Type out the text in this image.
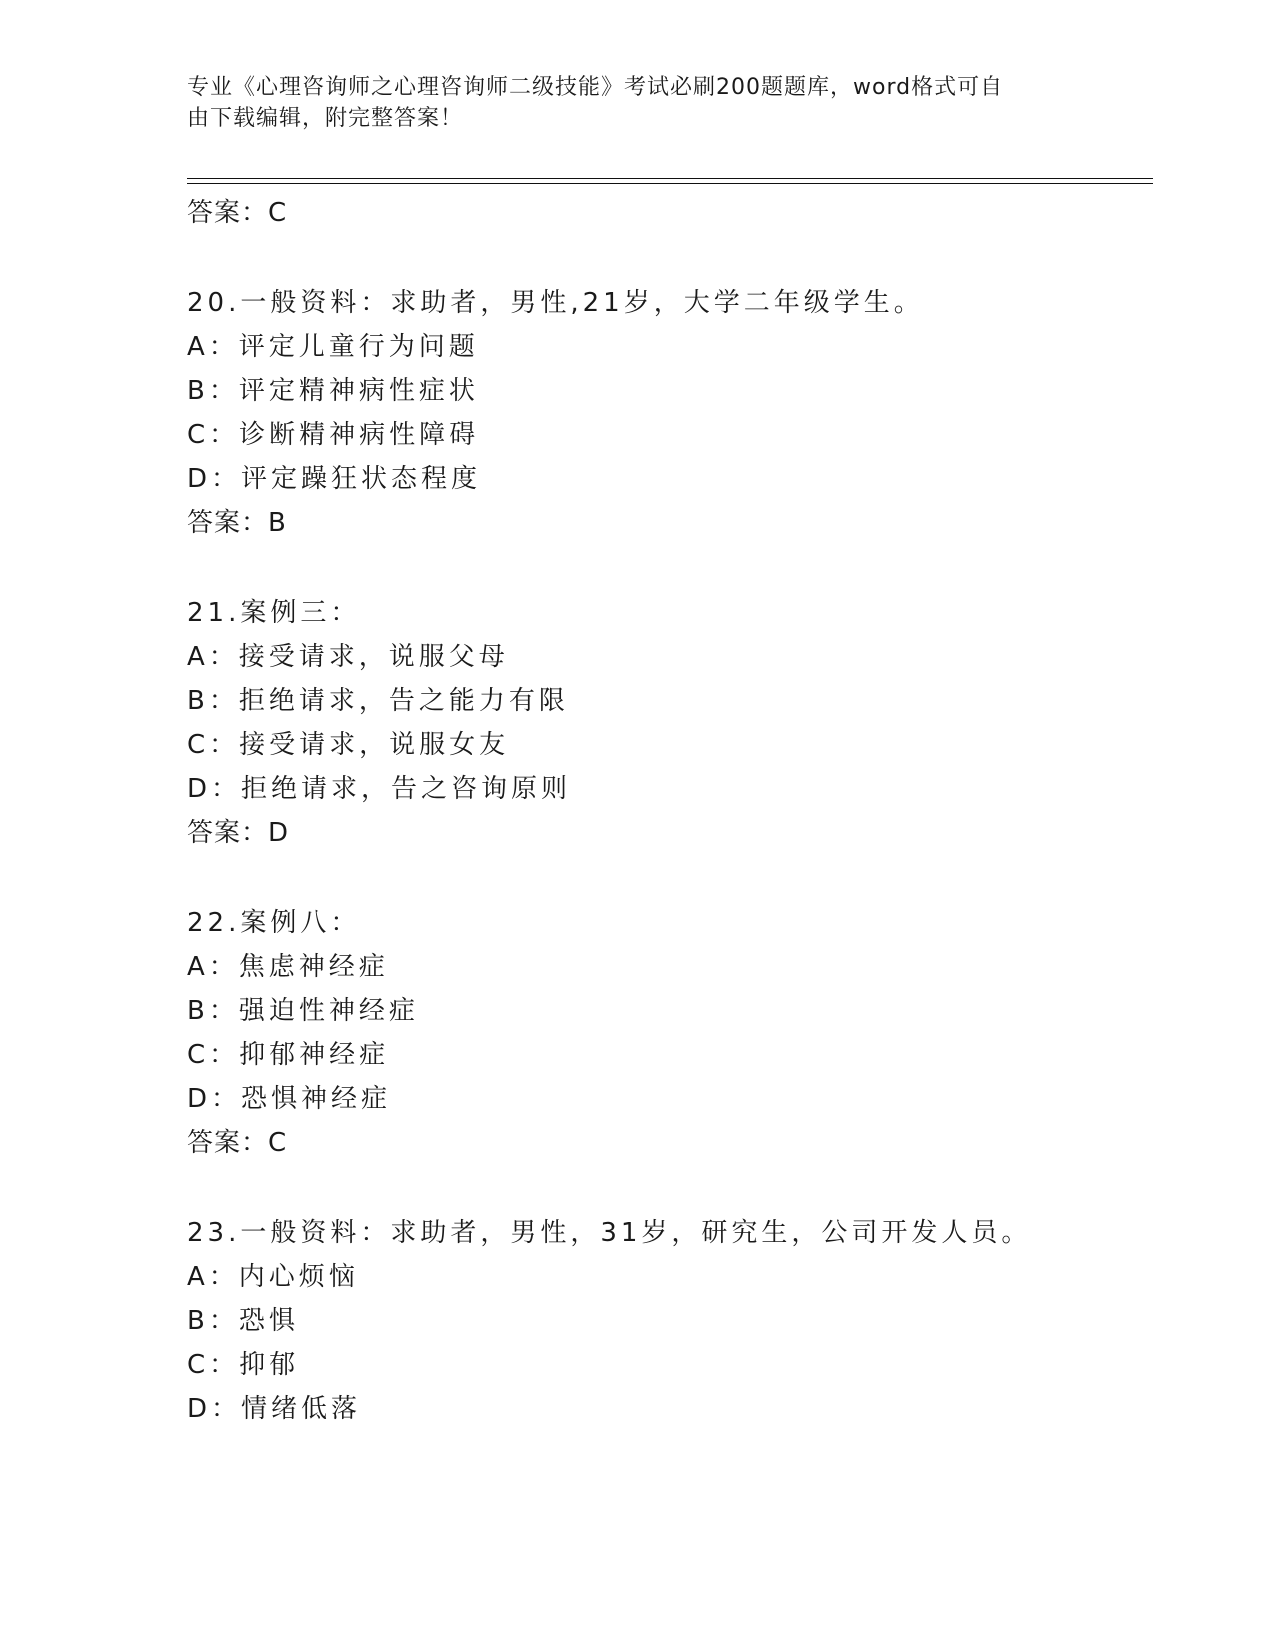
专业《心理咨询师之心理咨询师二级技能》考试必刷200题题库，word格式可自
由下载编辑，附完整答案！
答案：C
20.一般资料：求助者，男性,21岁，大学二年级学生。
A：评定儿童行为问题
B：评定精神病性症状
C：诊断精神病性障碍
D：评定躁狂状态程度
答案：B
21.案例三：
A：接受请求，说服父母
B：拒绝请求，告之能力有限
C：接受请求，说服女友
D：拒绝请求，告之咨询原则
答案：D
22.案例八：
A：焦虑神经症
B：强迫性神经症
C：抑郁神经症
D：恐惧神经症
答案：C
23.一般资料：求助者，男性，31岁，研究生，公司开发人员。
A：内心烦恼
B：恐惧
C：抑郁
D：情绪低落
